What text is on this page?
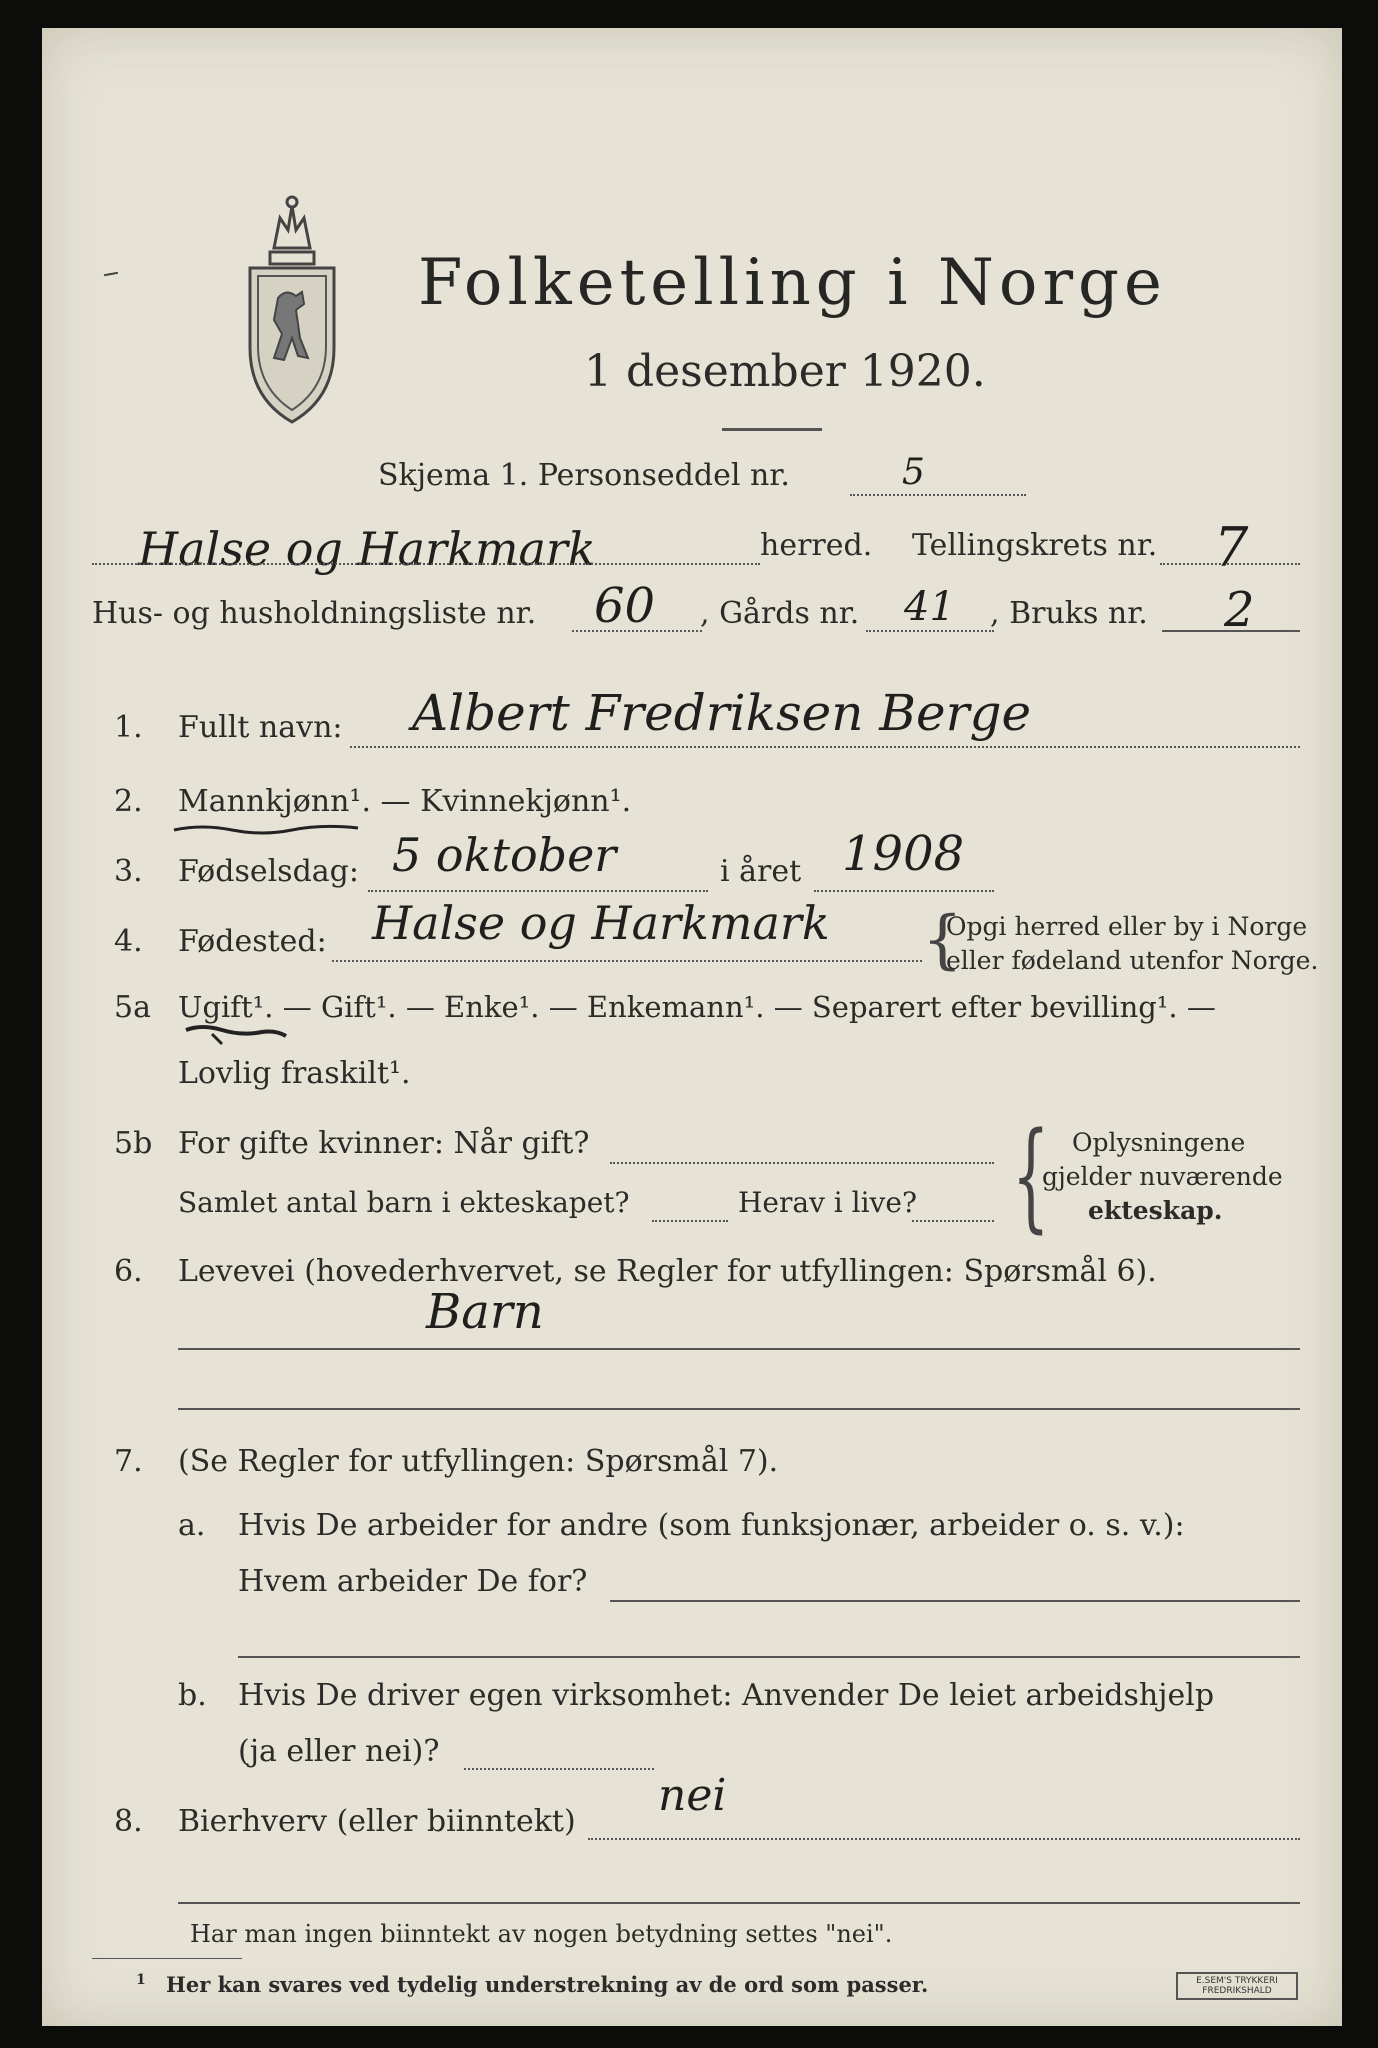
Folketelling i Norge
1 desember 1920.
Skjema 1. Personseddel nr.	5
Halse og Harkmark	herred. Tellingskrets nr. 7
Hus- og husholdningsliste nr. 60 , Gårds nr. 41 , Bruks nr. 2
1. Fullt navn: Albert Fredriksen Berge
2. Mannkjønn¹. — Kvinnekjønn¹.
3. Fødselsdag: 5 oktober	i året 1908
4. Fødested: Halse og Harkmark {
Opgi herred eller by i Norge
eller fødeland utenfor Norge.
5a Ugift¹. — Gift¹. — Enke¹. — Enkemann¹. — Separert efter bevilling¹. —
Lovlig fraskilt¹.
5b For gifte kvinner: Når gift?
Samlet antal barn i ekteskapet?	Herav i live? { Oplysningene
gjelder nuværende
ekteskap.
6. Levevei (hovederhvervet, se Regler for utfyllingen: Spørsmål 6).
Barn
7. (Se Regler for utfyllingen: Spørsmål 7).
a. Hvis De arbeider for andre (som funksjonær, arbeider o. s. v.):
Hvem arbeider De for?
b. Hvis De driver egen virksomhet: Anvender De leiet arbeidshjelp
(ja eller nei)?
8. Bierhverv (eller biinntekt)
nei
Har man ingen biinntekt av nogen betydning settes "nei".
1 Her kan svares ved tydelig understrekning av de ord som passer.	E.SEM'S TRYKKERI
FREDRIKSHALD
